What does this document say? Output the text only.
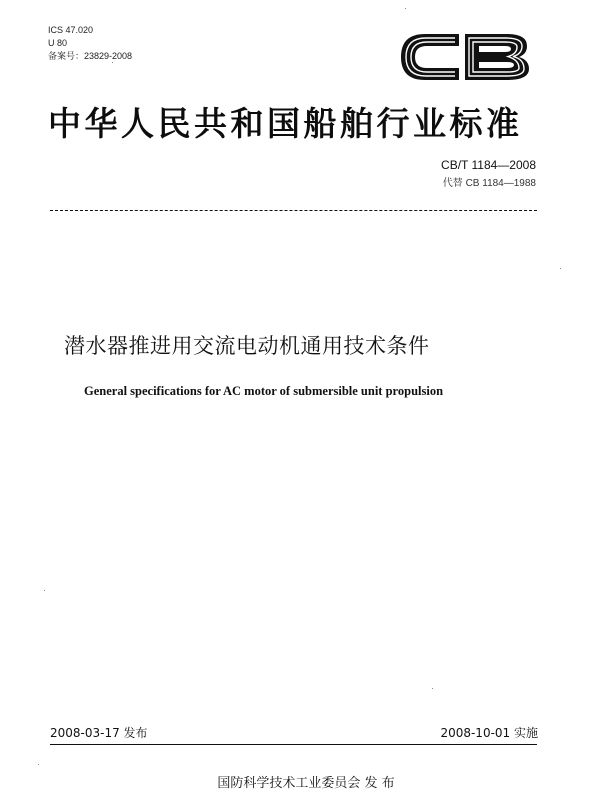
ICS 47.020
U 80
备案号：23829-2008
中华人民共和国船舶行业标准
CB/T 1184—2008
代替 CB 1184—1988
潜水器推进用交流电动机通用技术条件
General specifications for AC motor of submersible unit propulsion
2008-03-17 发布	2008-10-01 实施
国防科学技术工业委员会 发 布
